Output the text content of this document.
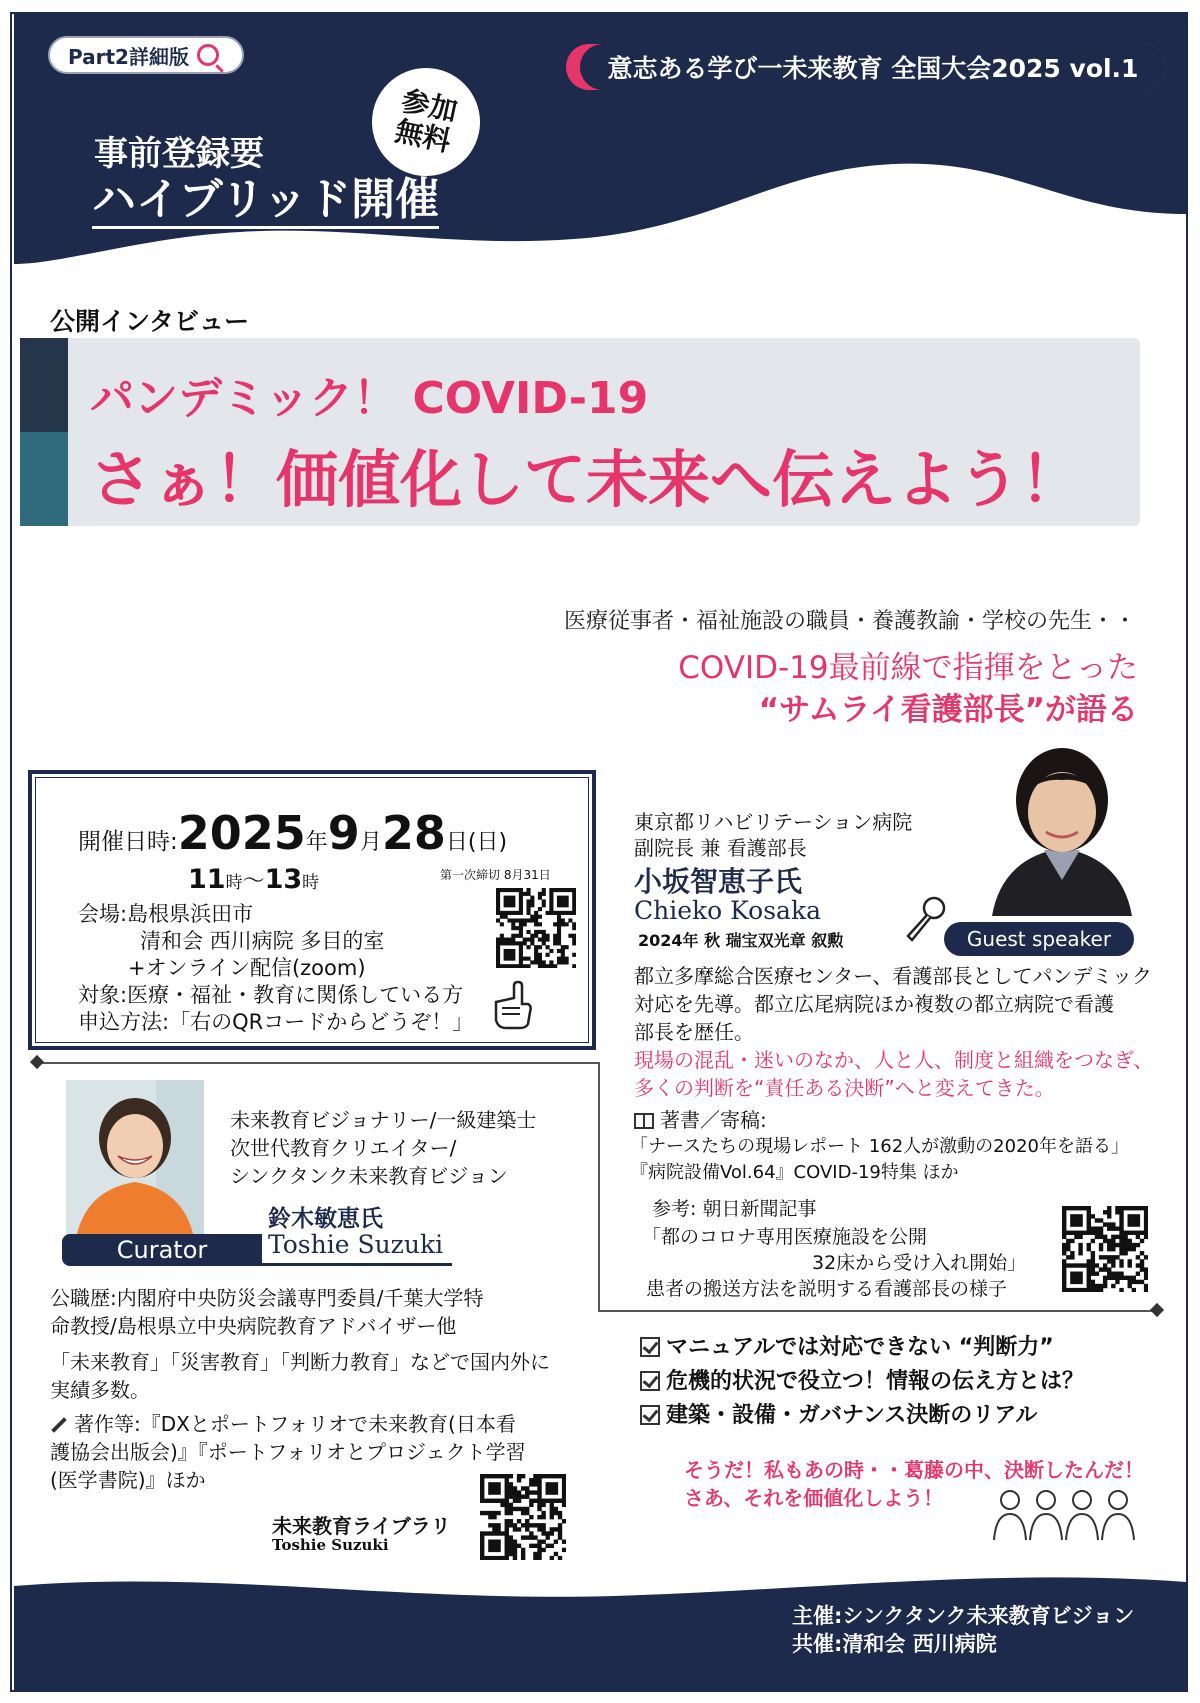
Part2詳細版	意志ある学び一未来教育 全国大会2025 vol.1
参加
無料
事前登録要
ハイブリッド開催
公開インタビュー
パンデミック！ COVID-19
さぁ！価値化して未来へ伝えよう！
医療従事者・福祉施設の職員・養護教諭・学校の先生・・
COVID-19最前線で指揮をとった
“サムライ看護部長”が語る
開催日時:2025年9月28日(日)
11時〜13時	第一次締切 8月31日
会場:島根県浜田市
清和会 西川病院 多目的室
+オンライン配信(zoom)
対象:医療・福祉・教育に関係している方
申込方法:「右のQRコードからどうぞ！」
東京都リハビリテーション病院
副院長 兼 看護部長
小坂智恵子氏
Chieko Kosaka
2024年 秋 瑞宝双光章 叙勲	Guest speaker
都立多摩総合医療センター、看護部長としてパンデミック
対応を先導。都立広尾病院ほか複数の都立病院で看護
部長を歴任。
現場の混乱・迷いのなか、人と人、制度と組織をつなぎ、
多くの判断を“責任ある決断”へと変えてきた。
著書／寄稿:
「ナースたちの現場レポート 162人が激動の2020年を語る」
『病院設備Vol.64』COVID-19特集 ほか
参考: 朝日新聞記事
「都のコロナ専用医療施設を公開
32床から受け入れ開始」
患者の搬送方法を説明する看護部長の様子
Curator
未来教育ビジョナリー/一級建築士
次世代教育クリエイター/
シンクタンク未来教育ビジョン
鈴木敏恵氏
Toshie Suzuki
公職歴:内閣府中央防災会議専門委員/千葉大学特
命教授/島根県立中央病院教育アドバイザー他
「未来教育」「災害教育」「判断力教育」などで国内外に
実績多数。
著作等:『DXとポートフォリオで未来教育(日本看
護協会出版会)』『ポートフォリオとプロジェクト学習
(医学書院)』ほか
未来教育ライブラリ
Toshie Suzuki
マニュアルでは対応できない “判断力”
危機的状況で役立つ！情報の伝え方とは？
建築・設備・ガバナンス決断のリアル
そうだ！私もあの時・・葛藤の中、決断したんだ！
さあ、それを価値化しよう！
主催:シンクタンク未来教育ビジョン
共催:清和会 西川病院
